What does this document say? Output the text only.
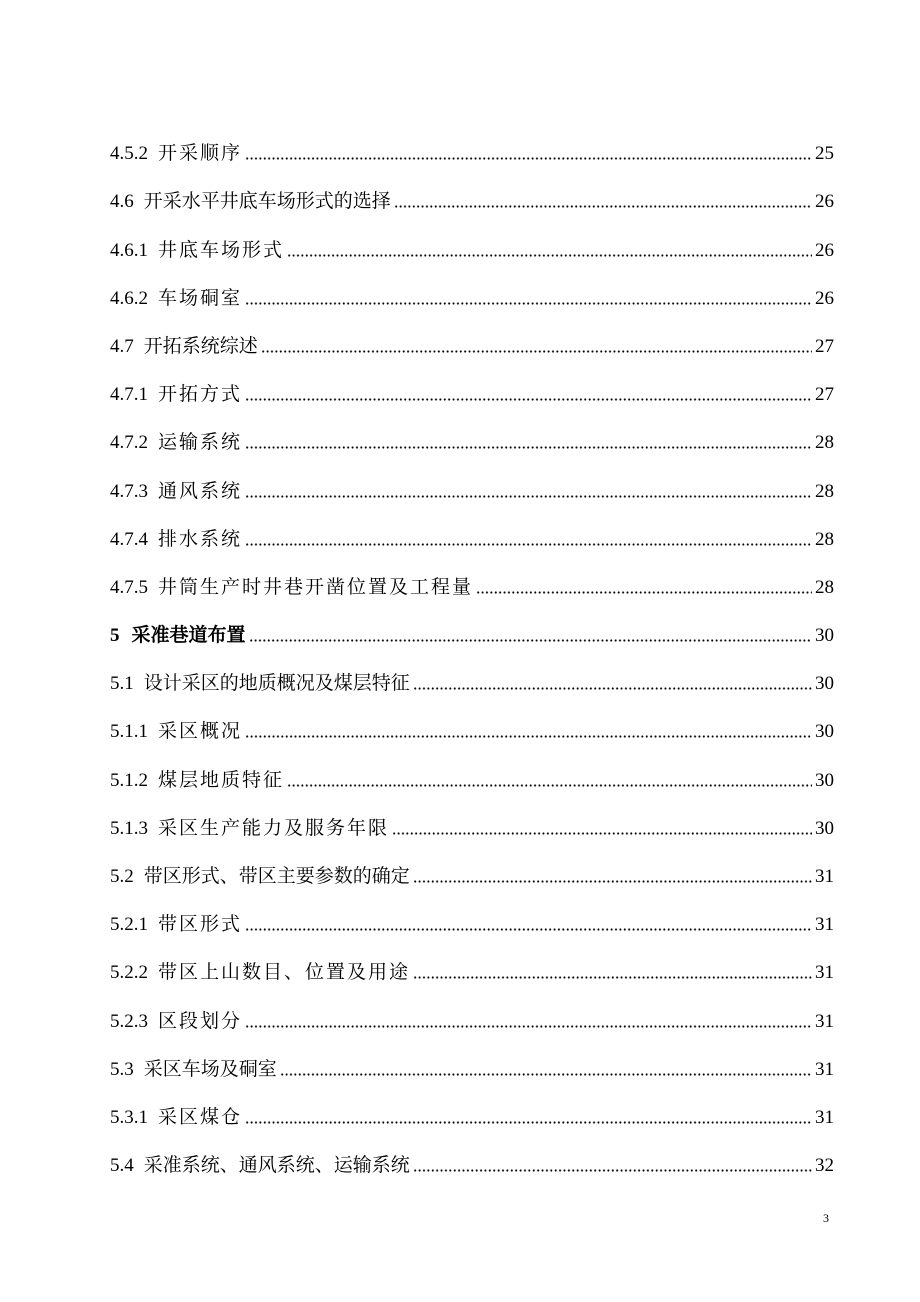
4.5.2 开采顺序	25
4.6 开采水平井底车场形式的选择	26
4.6.1 井底车场形式	26
4.6.2 车场硐室	26
4.7 开拓系统综述	27
4.7.1 开拓方式	27
4.7.2 运输系统	28
4.7.3 通风系统	28
4.7.4 排水系统	28
4.7.5 井筒生产时井巷开凿位置及工程量	28
5 采准巷道布置	30
5.1 设计采区的地质概况及煤层特征	30
5.1.1 采区概况	30
5.1.2 煤层地质特征	30
5.1.3 采区生产能力及服务年限	30
5.2 带区形式、带区主要参数的确定	31
5.2.1 带区形式	31
5.2.2 带区上山数目、位置及用途	31
5.2.3 区段划分	31
5.3 采区车场及硐室	31
5.3.1 采区煤仓	31
5.4 采准系统、通风系统、运输系统	32
3
